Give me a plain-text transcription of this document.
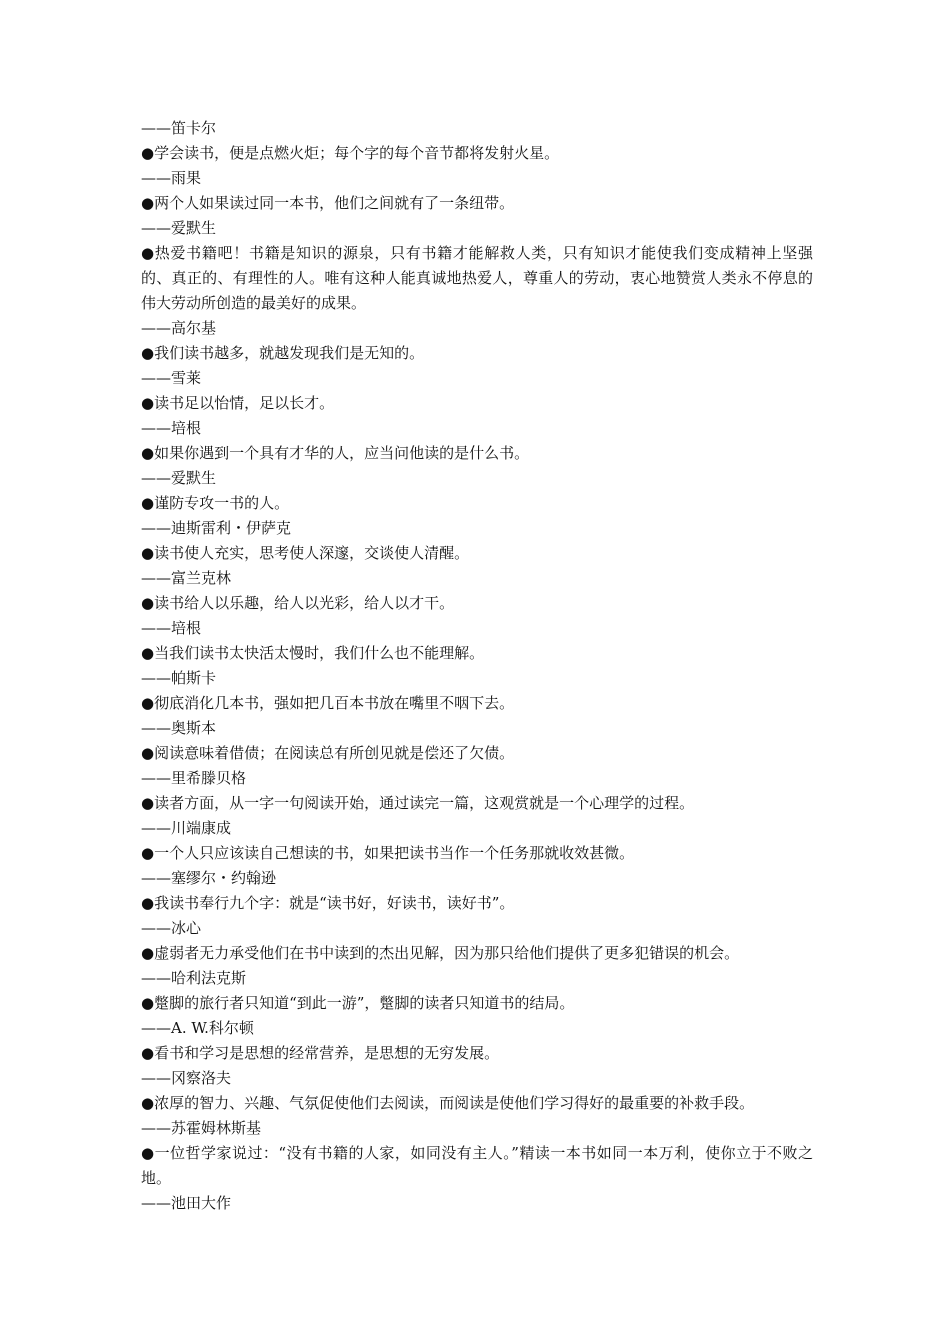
——笛卡尔

●学会读书，便是点燃火炬；每个字的每个音节都将发射火星。

——雨果

●两个人如果读过同一本书，他们之间就有了一条纽带。

——爱默生

●热爱书籍吧！书籍是知识的源泉，只有书籍才能解救人类，只有知识才能使我们变成精神上坚强的、真正的、有理性的人。唯有这种人能真诚地热爱人，尊重人的劳动，衷心地赞赏人类永不停息的伟大劳动所创造的最美好的成果。

——高尔基

●我们读书越多，就越发现我们是无知的。

——雪莱

●读书足以怡情，足以长才。

——培根

●如果你遇到一个具有才华的人，应当问他读的是什么书。

——爱默生

●谨防专攻一书的人。

——迪斯雷利・伊萨克

●读书使人充实，思考使人深邃，交谈使人清醒。

——富兰克林

●读书给人以乐趣，给人以光彩，给人以才干。

——培根

●当我们读书太快活太慢时，我们什么也不能理解。

——帕斯卡

●彻底消化几本书，强如把几百本书放在嘴里不咽下去。

——奥斯本

●阅读意味着借债；在阅读总有所创见就是偿还了欠债。

——里希滕贝格

●读者方面，从一字一句阅读开始，通过读完一篇，这观赏就是一个心理学的过程。

——川端康成

●一个人只应该读自己想读的书，如果把读书当作一个任务那就收效甚微。

——塞缪尔・约翰逊

●我读书奉行九个字：就是“读书好，好读书，读好书”。

——冰心

●虚弱者无力承受他们在书中读到的杰出见解，因为那只给他们提供了更多犯错误的机会。

——哈利法克斯

●蹩脚的旅行者只知道“到此一游”，蹩脚的读者只知道书的结局。

——A. W.科尔顿

●看书和学习是思想的经常营养，是思想的无穷发展。

——冈察洛夫

●浓厚的智力、兴趣、气氛促使他们去阅读，而阅读是使他们学习得好的最重要的补救手段。

——苏霍姆林斯基

●一位哲学家说过：“没有书籍的人家，如同没有主人。”精读一本书如同一本万利，使你立于不败之地。

——池田大作
